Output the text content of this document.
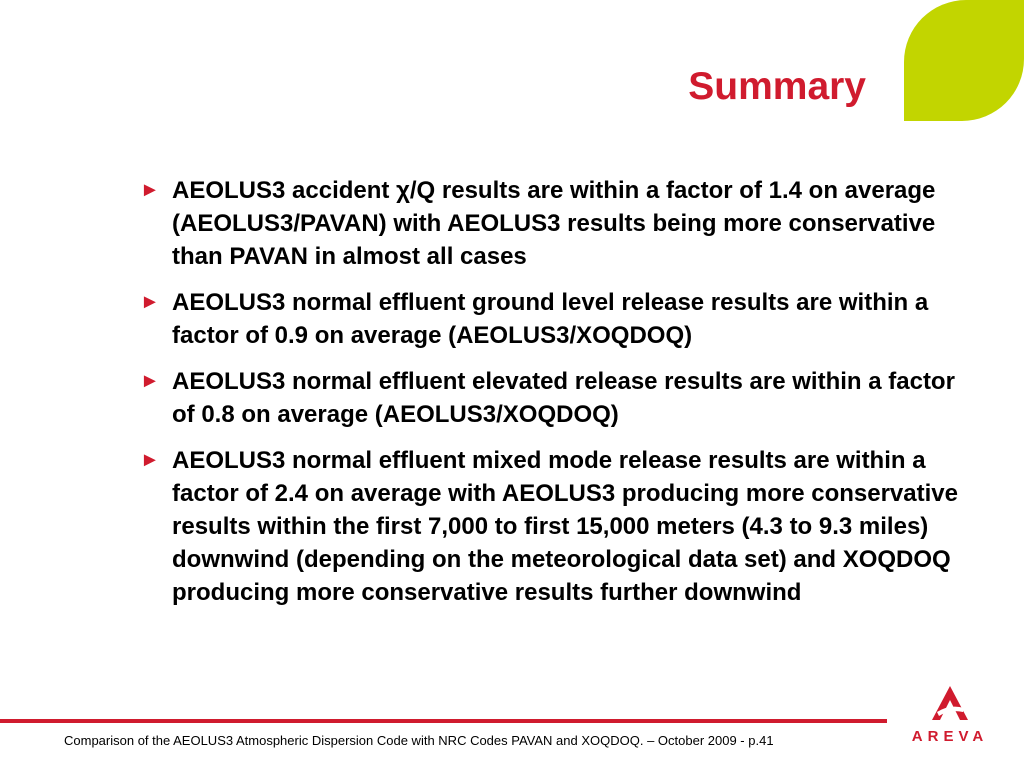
Summary
► AEOLUS3 accident χ/Q results are within a factor of 1.4 on average (AEOLUS3/PAVAN) with AEOLUS3 results being more conservative than PAVAN in almost all cases
► AEOLUS3 normal effluent ground level release results are within a factor of 0.9 on average (AEOLUS3/XOQDOQ)
► AEOLUS3 normal effluent elevated release results are within a factor of 0.8 on average (AEOLUS3/XOQDOQ)
► AEOLUS3 normal effluent mixed mode release results are within a factor of 2.4 on average with AEOLUS3 producing more conservative results within the first 7,000 to first 15,000 meters (4.3 to 9.3 miles) downwind (depending on the meteorological data set) and XOQDOQ producing more conservative results further downwind
Comparison of the AEOLUS3 Atmospheric Dispersion Code with NRC Codes PAVAN and XOQDOQ. – October 2009 - p.41	AREVA
